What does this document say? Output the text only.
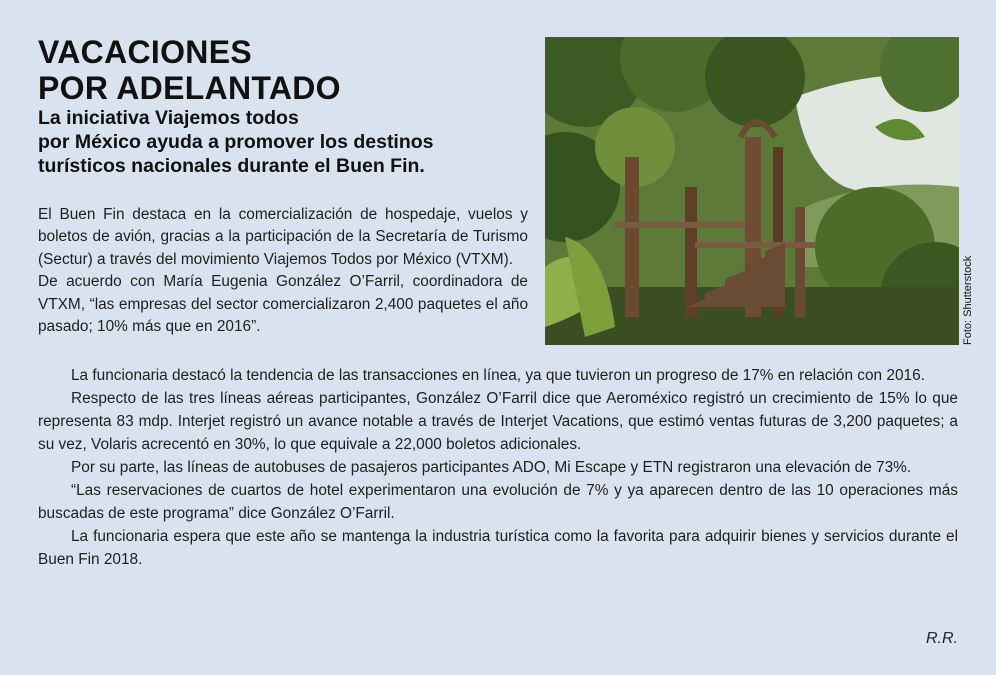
VACACIONES
POR ADELANTADO
La iniciativa Viajemos todos
por México ayuda a promover los destinos
turísticos nacionales durante el Buen Fin.

El Buen Fin destaca en la comercialización de hospedaje, vuelos y boletos de avión, gracias a la participación de la Secretaría de Turismo (Sectur) a través del movimiento Viajemos Todos por México (VTXM).

De acuerdo con María Eugenia González O’Farril, coordinadora de VTXM, “las empresas del sector comercializaron 2,400 paquetes el año pasado; 10% más que en 2016”.	Foto: Shutterstock

La funcionaria destacó la tendencia de las transacciones en línea, ya que tuvieron un progreso de 17% en relación con 2016.

Respecto de las tres líneas aéreas participantes, González O’Farril dice que Aeroméxico registró un crecimiento de 15% lo que representa 83 mdp. Interjet registró un avance notable a través de Interjet Vacations, que estimó ventas futuras de 3,200 paquetes; a su vez, Volaris acrecentó en 30%, lo que equivale a 22,000 boletos adicionales.

Por su parte, las líneas de autobuses de pasajeros participantes ADO, Mi Escape y ETN registraron una elevación de 73%.

“Las reservaciones de cuartos de hotel experimentaron una evolución de 7% y ya aparecen dentro de las 10 operaciones más buscadas de este programa” dice González O’Farril.

La funcionaria espera que este año se mantenga la industria turística como la favorita para adquirir bienes y servicios durante el Buen Fin 2018.

R.R.
